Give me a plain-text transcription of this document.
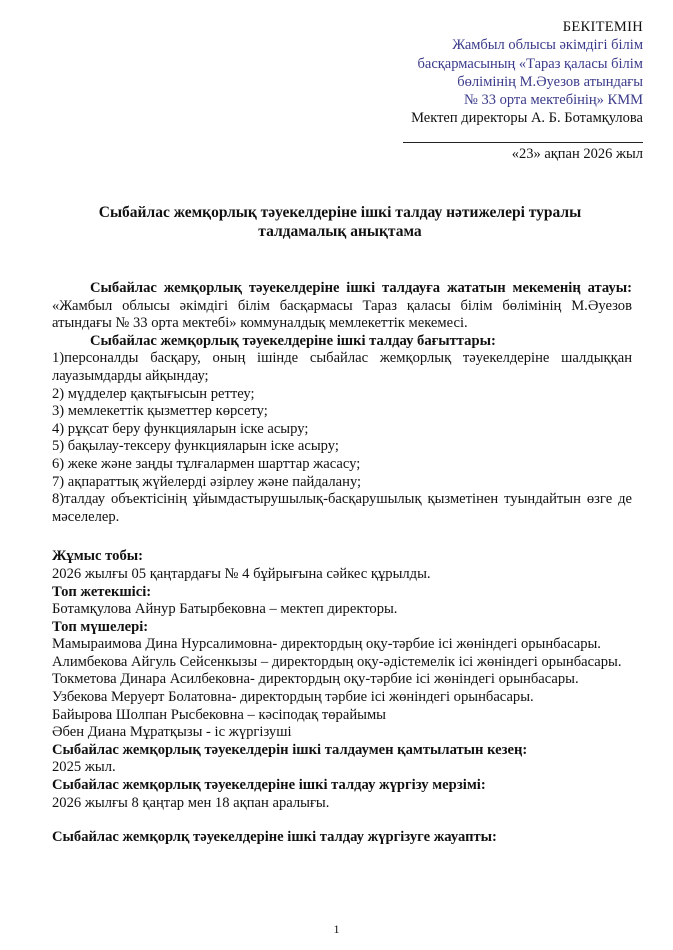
БЕКІТЕМІН
Жамбыл облысы әкімдігі білім
басқармасының «Тараз қаласы білім
бөлімінің М.Әуезов атындағы
№ 33 орта мектебінің» КММ
Мектеп директоры А. Б. Ботамқулова
«23» ақпан 2026 жыл
Сыбайлас жемқорлық тәуекелдеріне ішкі талдау нәтижелері туралы
талдамалық анықтама

Сыбайлас жемқорлық тәуекелдеріне ішкі талдауға жататын мекеменің атауы: «Жамбыл облысы әкімдігі білім басқармасы Тараз қаласы білім бөлімінің М.Әуезов атындағы № 33 орта мектебі» коммуналдық мемлекеттік мекемесі.

Сыбайлас жемқорлық тәуекелдеріне ішкі талдау бағыттары:

1)персоналды басқару, оның ішінде сыбайлас жемқорлық тәуекелдеріне шалдыққан лауазымдарды айқындау;

2) мүдделер қақтығысын реттеу;

3) мемлекеттік қызметтер көрсету;

4) рұқсат беру функцияларын іске асыру;

5) бақылау-тексеру функцияларын іске асыру;

6) жеке және заңды тұлғалармен шарттар жасасу;

7) ақпараттық жүйелерді әзірлеу және пайдалану;

8)талдау объектісінің ұйымдастырушылық-басқарушылық қызметінен туындайтын өзге де мәселелер.

Жұмыс тобы:

2026 жылғы 05 қаңтардағы № 4 бұйрығына сәйкес құрылды.

Топ жетекшісі:

Ботамқулова Айнур Батырбековна – мектеп директоры.

Топ мүшелері:

Мамыраимова Дина Нурсалимовна- директордың оқу-тәрбие ісі жөніндегі орынбасары.

Алимбекова Айгуль Сейсенкызы – директордың оқу-әдістемелік ісі жөніндегі орынбасары.

Токметова Динара Асилбековна- директордың оқу-тәрбие ісі жөніндегі орынбасары.

Узбекова Меруерт Болатовна- директордың тәрбие ісі жөніндегі орынбасары.

Байырова Шолпан Рысбековна – кәсіподақ төрайымы

Әбен Диана Мұратқызы - іс жүргізуші

Сыбайлас жемқорлық тәуекелдерін ішкі талдаумен қамтылатын кезең:

2025 жыл.

Сыбайлас жемқорлық тәуекелдеріне ішкі талдау жүргізу мерзімі:

2026 жылғы 8 қаңтар мен 18 ақпан аралығы.

Сыбайлас жемқорлқ тәуекелдеріне ішкі талдау жүргізуге жауапты:

1
